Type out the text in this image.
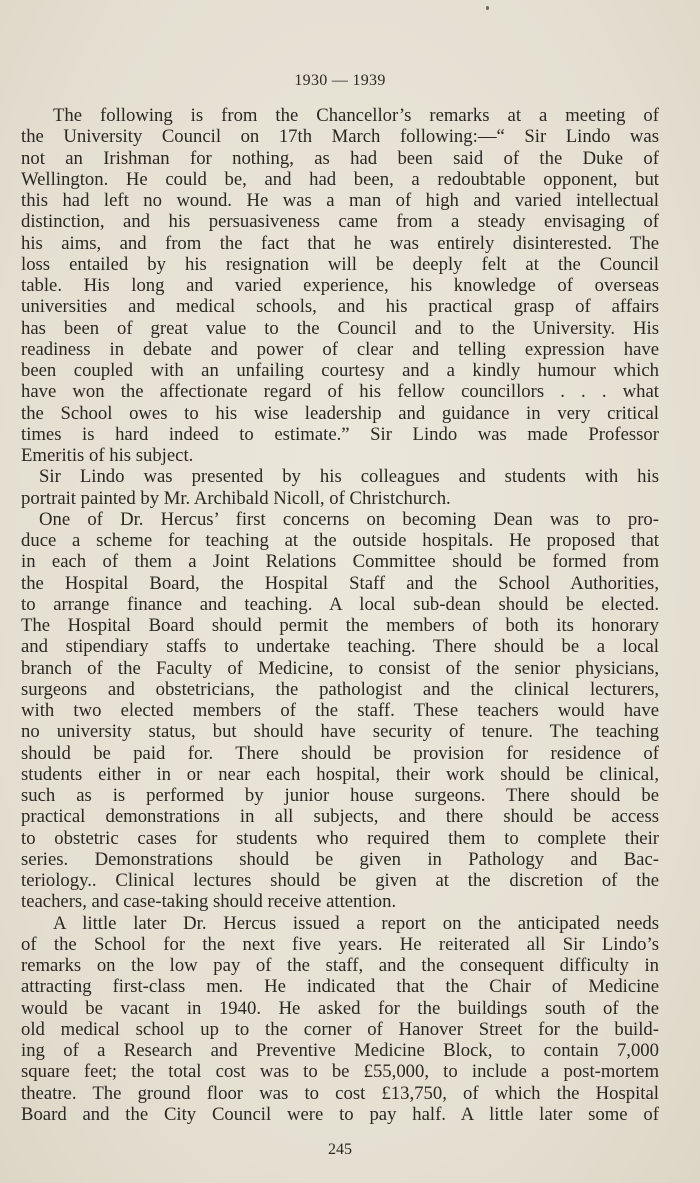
1930 — 1939
The following is from the Chancellor’s remarks at a meeting of
the University Council on 17th March following:—“ Sir Lindo was
not an Irishman for nothing, as had been said of the Duke of
Wellington. He could be, and had been, a redoubtable opponent, but
this had left no wound. He was a man of high and varied intellectual
distinction, and his persuasiveness came from a steady envisaging of
his aims, and from the fact that he was entirely disinterested. The
loss entailed by his resignation will be deeply felt at the Council
table. His long and varied experience, his knowledge of overseas
universities and medical schools, and his practical grasp of affairs
has been of great value to the Council and to the University. His
readiness in debate and power of clear and telling expression have
been coupled with an unfailing courtesy and a kindly humour which
have won the affectionate regard of his fellow councillors . . . what
the School owes to his wise leadership and guidance in very critical
times is hard indeed to estimate.” Sir Lindo was made Professor
Emeritis of his subject.
Sir Lindo was presented by his colleagues and students with his
portrait painted by Mr. Archibald Nicoll, of Christchurch.
One of Dr. Hercus’ first concerns on becoming Dean was to pro-
duce a scheme for teaching at the outside hospitals. He proposed that
in each of them a Joint Relations Committee should be formed from
the Hospital Board, the Hospital Staff and the School Authorities,
to arrange finance and teaching. A local sub-dean should be elected.
The Hospital Board should permit the members of both its honorary
and stipendiary staffs to undertake teaching. There should be a local
branch of the Faculty of Medicine, to consist of the senior physicians,
surgeons and obstetricians, the pathologist and the clinical lecturers,
with two elected members of the staff. These teachers would have
no university status, but should have security of tenure. The teaching
should be paid for. There should be provision for residence of
students either in or near each hospital, their work should be clinical,
such as is performed by junior house surgeons. There should be
practical demonstrations in all subjects, and there should be access
to obstetric cases for students who required them to complete their
series. Demonstrations should be given in Pathology and Bac-
teriology.. Clinical lectures should be given at the discretion of the
teachers, and case-taking should receive attention.
A little later Dr. Hercus issued a report on the anticipated needs
of the School for the next five years. He reiterated all Sir Lindo’s
remarks on the low pay of the staff, and the consequent difficulty in
attracting first-class men. He indicated that the Chair of Medicine
would be vacant in 1940. He asked for the buildings south of the
old medical school up to the corner of Hanover Street for the build-
ing of a Research and Preventive Medicine Block, to contain 7,000
square feet; the total cost was to be £55,000, to include a post-mortem
theatre. The ground floor was to cost £13,750, of which the Hospital
Board and the City Council were to pay half. A little later some of
245
